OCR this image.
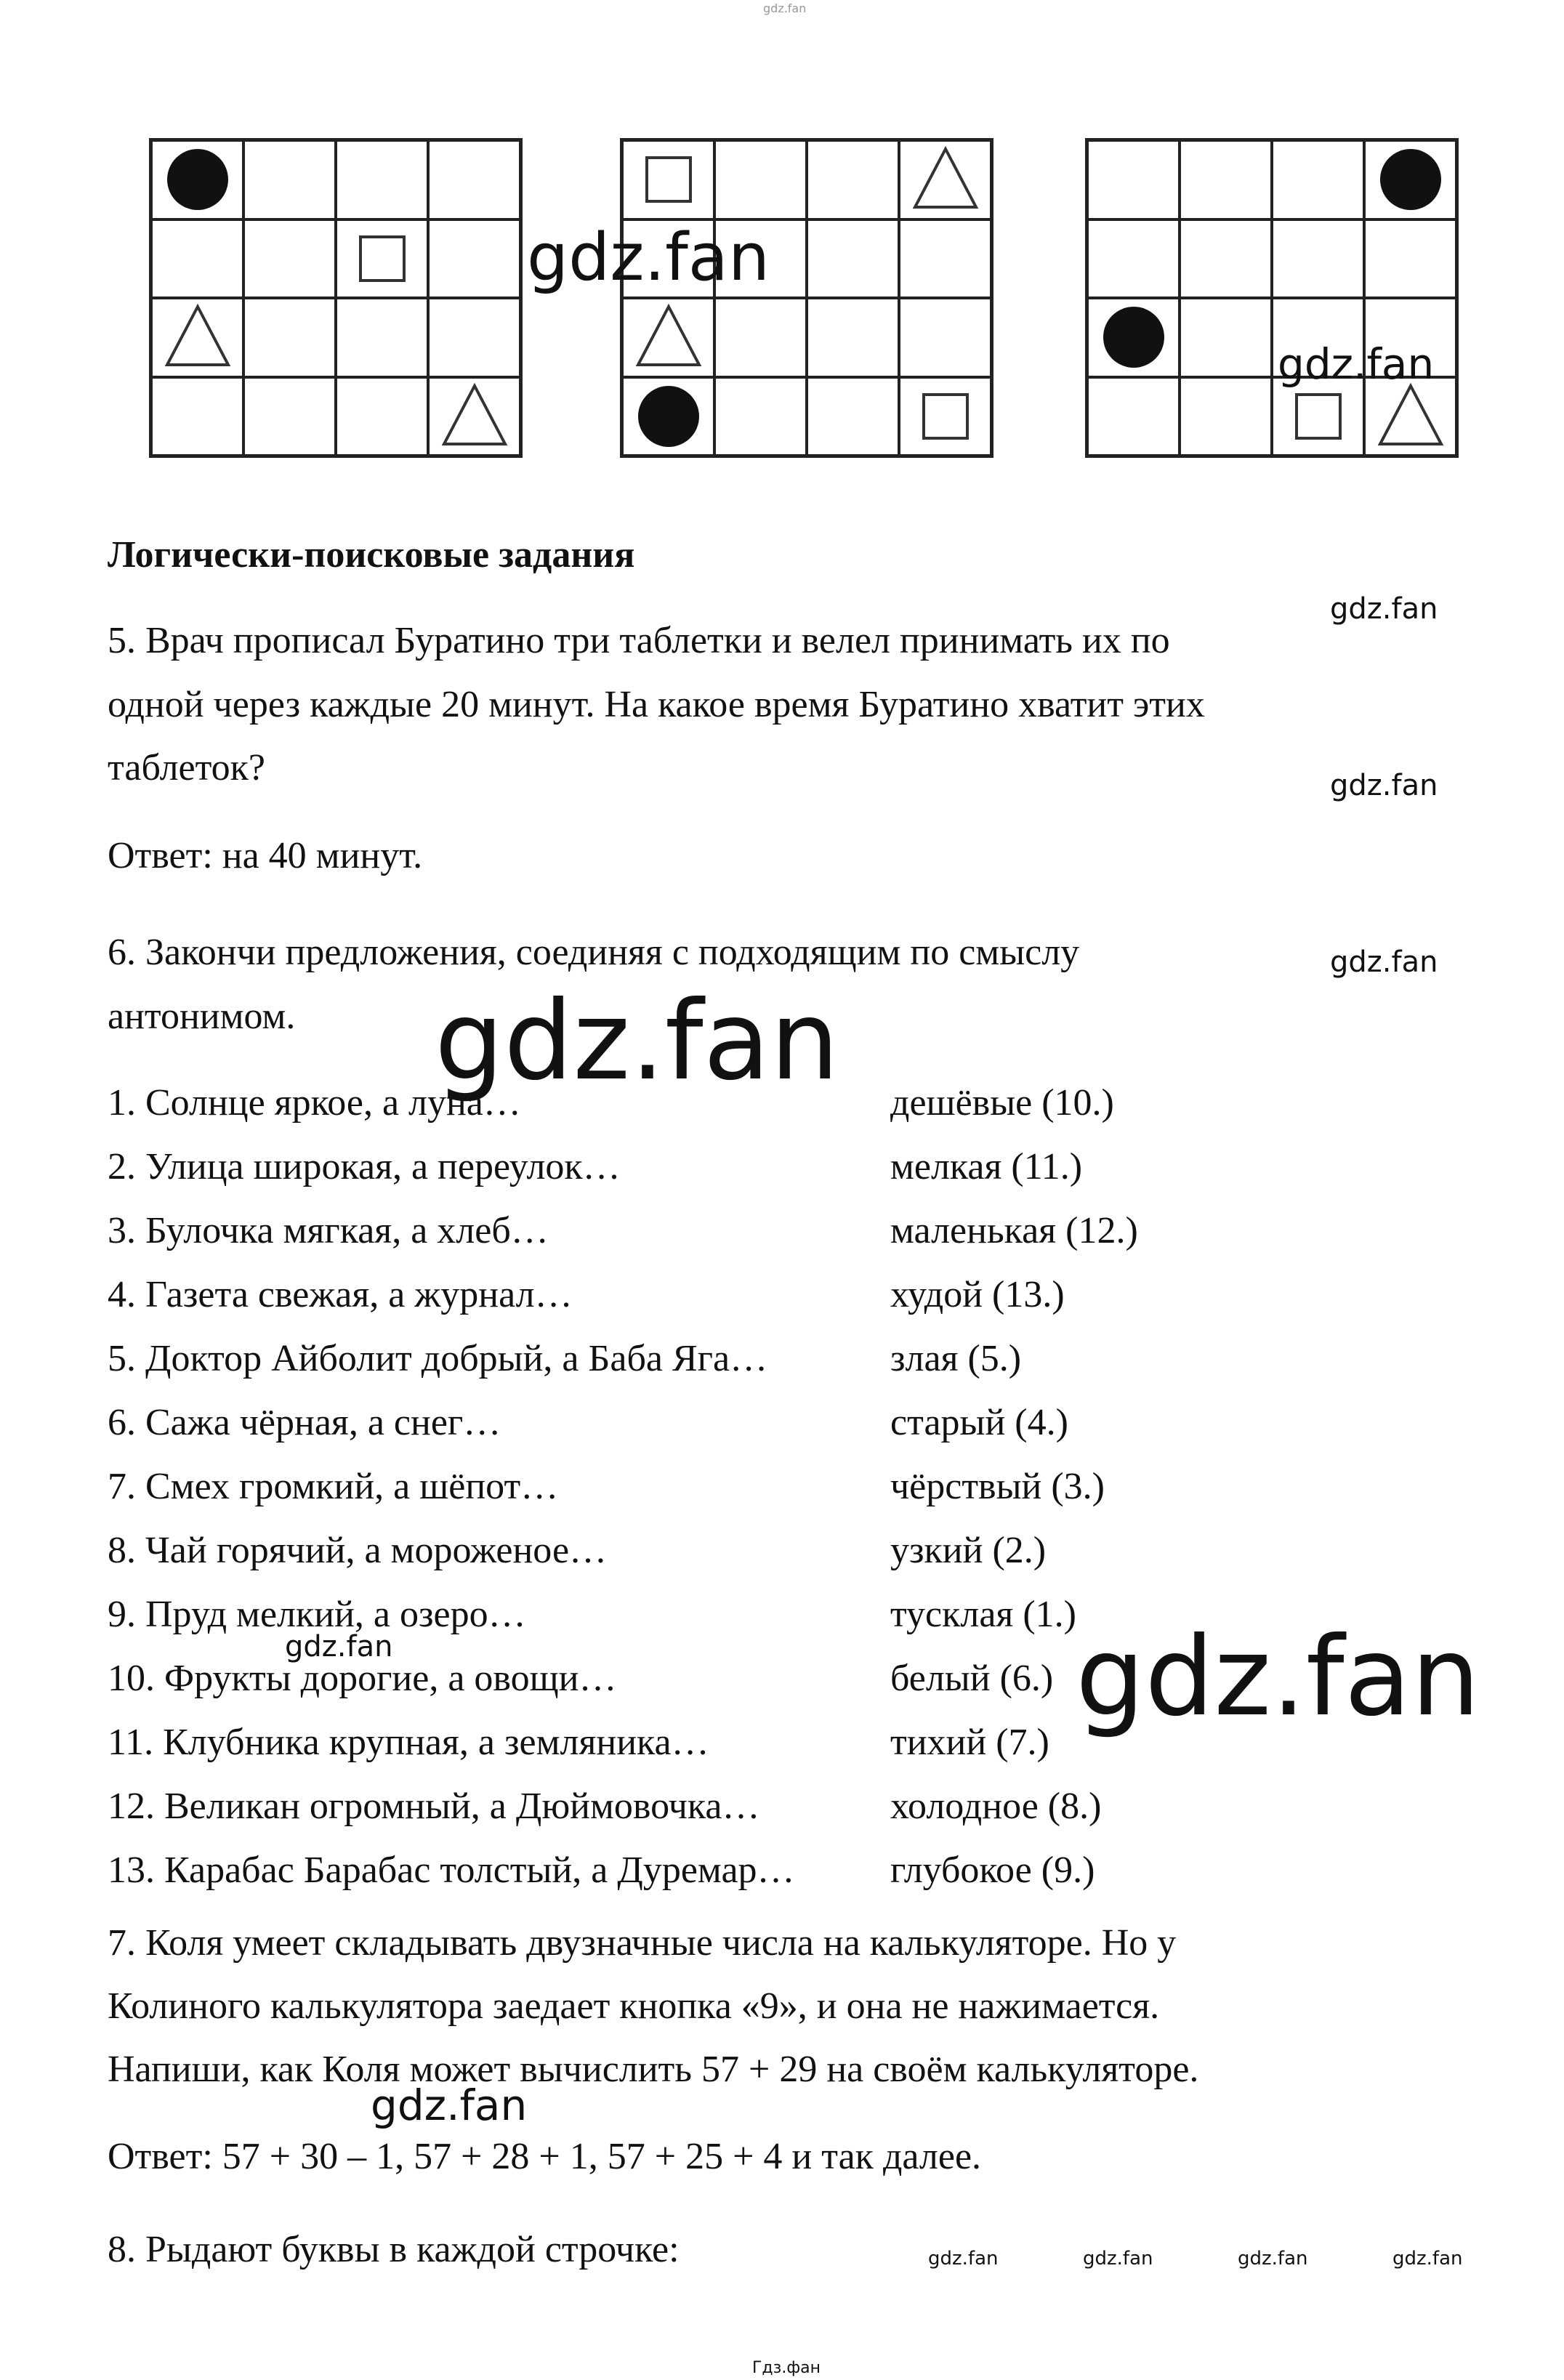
gdz.fan
gdz.fan
gdz.fan
gdz.fan
gdz.fan
gdz.fan
gdz.fan
gdz.fan	gdz.fan
gdz.fan
gdz.fan	gdz.fan	gdz.fan	gdz.fan
Логически-поисковые задания
5. Врач прописал Буратино три таблетки и велел принимать их по
одной через каждые 20 минут. На какое время Буратино хватит этих
таблеток?
Ответ: на 40 минут.
6. Закончи предложения, соединяя с подходящим по смыслу
антонимом.
1. Солнце яркое, а луна…	дешёвые (10.)
2. Улица широкая, а переулок…	мелкая (11.)
3. Булочка мягкая, а хлеб…	маленькая (12.)
4. Газета свежая, а журнал…	худой (13.)
5. Доктор Айболит добрый, а Баба Яга…	злая (5.)
6. Сажа чёрная, а снег…	старый (4.)
7. Смех громкий, а шёпот…	чёрствый (3.)
8. Чай горячий, а мороженое…	узкий (2.)
9. Пруд мелкий, а озеро…	тусклая (1.)
10. Фрукты дорогие, а овощи…	белый (6.)
11. Клубника крупная, а земляника…	тихий (7.)
12. Великан огромный, а Дюймовочка…	холодное (8.)
13. Карабас Барабас толстый, а Дуремар…	глубокое (9.)
7. Коля умеет складывать двузначные числа на калькуляторе. Но у
Колиного калькулятора заедает кнопка «9», и она не нажимается.
Напиши, как Коля может вычислить 57 + 29 на своём калькуляторе.
Ответ: 57 + 30 – 1, 57 + 28 + 1, 57 + 25 + 4 и так далее.
8. Рыдают буквы в каждой строчке:
Гдз.фан
